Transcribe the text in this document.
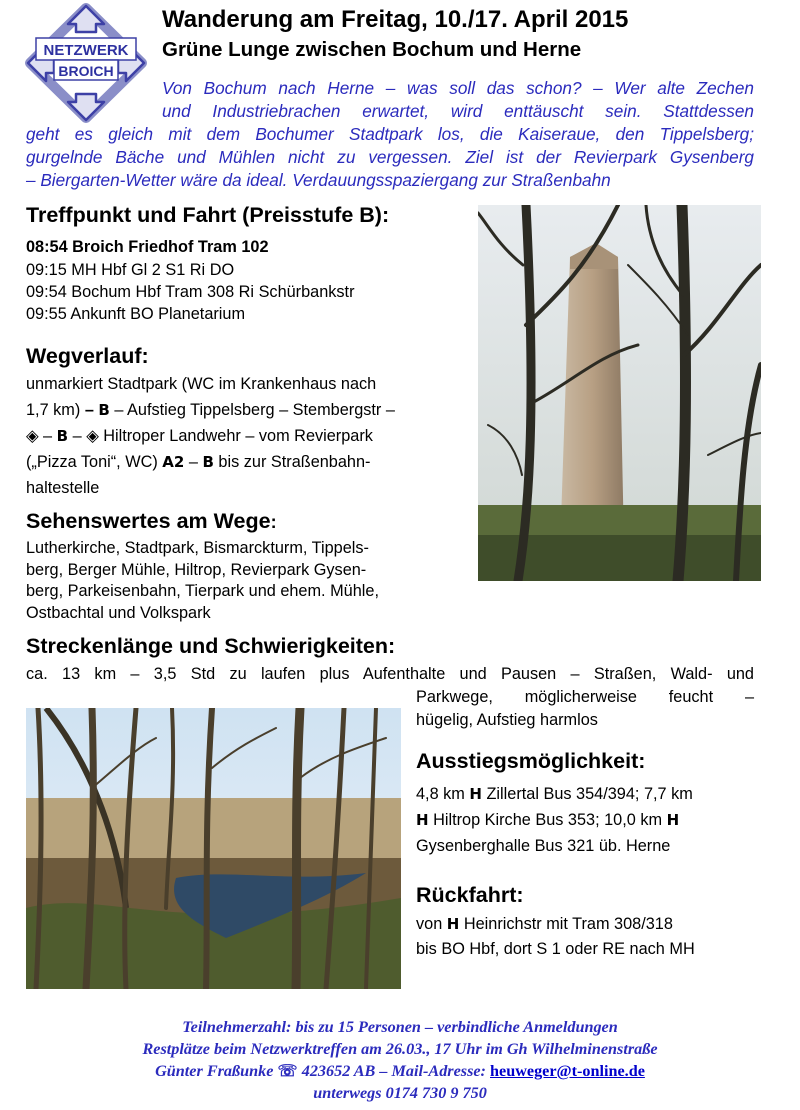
NETZWERK
BROICH
Wanderung am Freitag, 10./17. April 2015
Grüne Lunge zwischen Bochum und Herne
Von Bochum nach Herne – was soll das schon? – Wer alte Zechen
und Industriebrachen erwartet, wird enttäuscht sein. Stattdessen
geht es gleich mit dem Bochumer Stadtpark los, die Kaiseraue, den Tippelsberg;
gurgelnde Bäche und Mühlen nicht zu vergessen. Ziel ist der Revierpark Gysenberg
– Biergarten-Wetter wäre da ideal. Verdauungsspaziergang zur Straßenbahn
Treffpunkt und Fahrt (Preisstufe B):
08:54 Broich Friedhof Tram 102
09:15 MH Hbf Gl 2 S1 Ri DO
09:54 Bochum Hbf Tram 308 Ri Schürbankstr
09:55 Ankunft BO Planetarium
Wegverlauf:
unmarkiert Stadtpark (WC im Krankenhaus nach
1,7 km) – B – Aufstieg Tippelsberg – Stembergstr –
◈ – B – ◈ Hiltroper Landwehr – vom Revierpark
(„Pizza Toni“, WC) A2 – B bis zur Straßenbahn-
haltestelle
Sehenswertes am Wege:
Lutherkirche, Stadtpark, Bismarckturm, Tippels-
berg, Berger Mühle, Hiltrop, Revierpark Gysen-
berg, Parkeisenbahn, Tierpark und ehem. Mühle,
Ostbachtal und Volkspark
Streckenlänge und Schwierigkeiten:
ca. 13 km – 3,5 Std zu laufen plus Aufenthalte und Pausen – Straßen, Wald- und
Parkwege, möglicherweise feucht –
hügelig, Aufstieg harmlos
Ausstiegsmöglichkeit:
4,8 km H Zillertal Bus 354/394; 7,7 km
H Hiltrop Kirche Bus 353; 10,0 km H
Gysenberghalle Bus 321 üb. Herne
Rückfahrt:
von H Heinrichstr mit Tram 308/318
bis BO Hbf, dort S 1 oder RE nach MH
Teilnehmerzahl: bis zu 15 Personen – verbindliche Anmeldungen
Restplätze beim Netzwerktreffen am 26.03., 17 Uhr im Gh Wilhelminenstraße
Günter Fraßunke ☏ 423652 AB – Mail-Adresse: heuweger@t-online.de
unterwegs 0174 730 9 750
